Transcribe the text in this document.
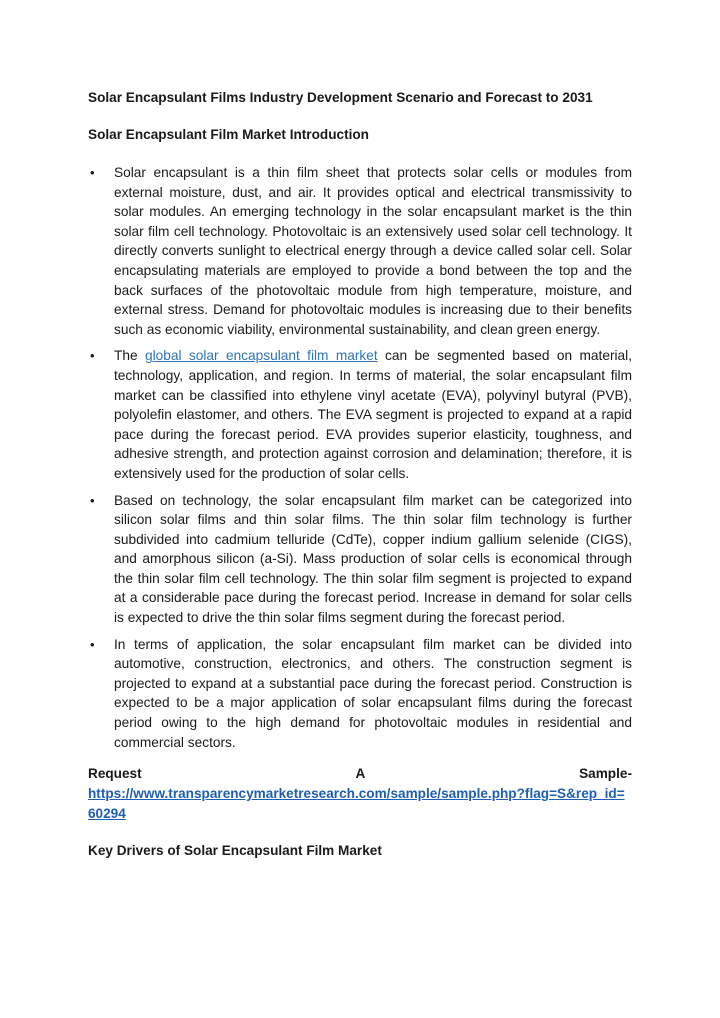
Solar Encapsulant Films Industry Development Scenario and Forecast to 2031

Solar Encapsulant Film Market Introduction

• Solar encapsulant is a thin film sheet that protects solar cells or modules from external moisture, dust, and air. It provides optical and electrical transmissivity to solar modules. An emerging technology in the solar encapsulant market is the thin solar film cell technology. Photovoltaic is an extensively used solar cell technology. It directly converts sunlight to electrical energy through a device called solar cell. Solar encapsulating materials are employed to provide a bond between the top and the back surfaces of the photovoltaic module from high temperature, moisture, and external stress. Demand for photovoltaic modules is increasing due to their benefits such as economic viability, environmental sustainability, and clean green energy.
• The global solar encapsulant film market can be segmented based on material, technology, application, and region. In terms of material, the solar encapsulant film market can be classified into ethylene vinyl acetate (EVA), polyvinyl butyral (PVB), polyolefin elastomer, and others. The EVA segment is projected to expand at a rapid pace during the forecast period. EVA provides superior elasticity, toughness, and adhesive strength, and protection against corrosion and delamination; therefore, it is extensively used for the production of solar cells.
• Based on technology, the solar encapsulant film market can be categorized into silicon solar films and thin solar films. The thin solar film technology is further subdivided into cadmium telluride (CdTe), copper indium gallium selenide (CIGS), and amorphous silicon (a-Si). Mass production of solar cells is economical through the thin solar film cell technology. The thin solar film segment is projected to expand at a considerable pace during the forecast period. Increase in demand for solar cells is expected to drive the thin solar films segment during the forecast period.
• In terms of application, the solar encapsulant film market can be divided into automotive, construction, electronics, and others. The construction segment is projected to expand at a substantial pace during the forecast period. Construction is expected to be a major application of solar encapsulant films during the forecast period owing to the high demand for photovoltaic modules in residential and commercial sectors.
Request	A	Sample-
https://www.transparencymarketresearch.com/sample/sample.php?flag=S&rep_id=60294

Key Drivers of Solar Encapsulant Film Market
